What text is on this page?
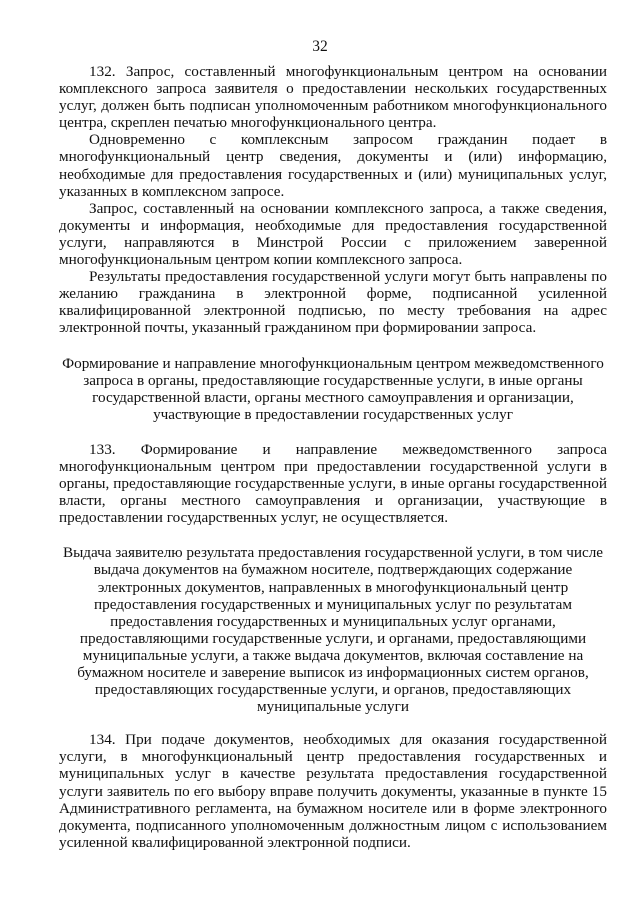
32

132. Запрос, составленный многофункциональным центром на основании комплексного запроса заявителя о предоставлении нескольких государственных услуг, должен быть подписан уполномоченным работником многофункционального центра, скреплен печатью многофункционального центра.

Одновременно с комплексным запросом гражданин подает в многофункциональный центр сведения, документы и (или) информацию, необходимые для предоставления государственных и (или) муниципальных услуг, указанных в комплексном запросе.

Запрос, составленный на основании комплексного запроса, а также сведения, документы и информация, необходимые для предоставления государственной услуги, направляются в Минстрой России с приложением заверенной многофункциональным центром копии комплексного запроса.

Результаты предоставления государственной услуги могут быть направлены по желанию гражданина в электронной форме, подписанной усиленной квалифицированной электронной подписью, по месту требования на адрес электронной почты, указанный гражданином при формировании запроса.

Формирование и направление многофункциональным центром межведомственного запроса в органы, предоставляющие государственные услуги, в иные органы государственной власти, органы местного самоуправления и организации, участвующие в предоставлении государственных услуг

133. Формирование и направление межведомственного запроса многофункциональным центром при предоставлении государственной услуги в органы, предоставляющие государственные услуги, в иные органы государственной власти, органы местного самоуправления и организации, участвующие в предоставлении государственных услуг, не осуществляется.

Выдача заявителю результата предоставления государственной услуги, в том числе выдача документов на бумажном носителе, подтверждающих содержание электронных документов, направленных в многофункциональный центр предоставления государственных и муниципальных услуг по результатам предоставления государственных и муниципальных услуг органами, предоставляющими государственные услуги, и органами, предоставляющими муниципальные услуги, а также выдача документов, включая составление на бумажном носителе и заверение выписок из информационных систем органов, предоставляющих государственные услуги, и органов, предоставляющих муниципальные услуги

134. При подаче документов, необходимых для оказания государственной услуги, в многофункциональный центр предоставления государственных и муниципальных услуг в качестве результата предоставления государственной услуги заявитель по его выбору вправе получить документы, указанные в пункте 15 Административного регламента, на бумажном носителе или в форме электронного документа, подписанного уполномоченным должностным лицом с использованием усиленной квалифицированной электронной подписи.
